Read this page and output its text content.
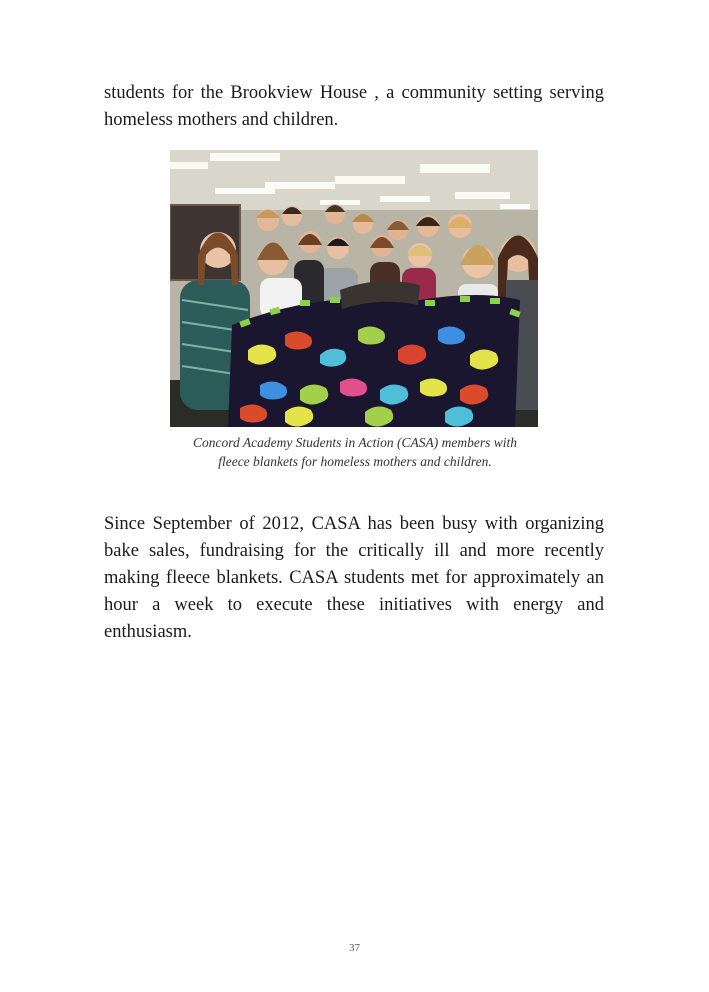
students for the Brookview House , a community setting serving homeless mothers and children.

Concord Academy Students in Action (CASA) members with
fleece blankets for homeless mothers and children.

Since September of 2012, CASA has been busy with organizing bake sales, fundraising for the critically ill and more recently making fleece blankets. CASA students met for approximately an hour a week to execute these initiatives with energy and enthusiasm.

37
